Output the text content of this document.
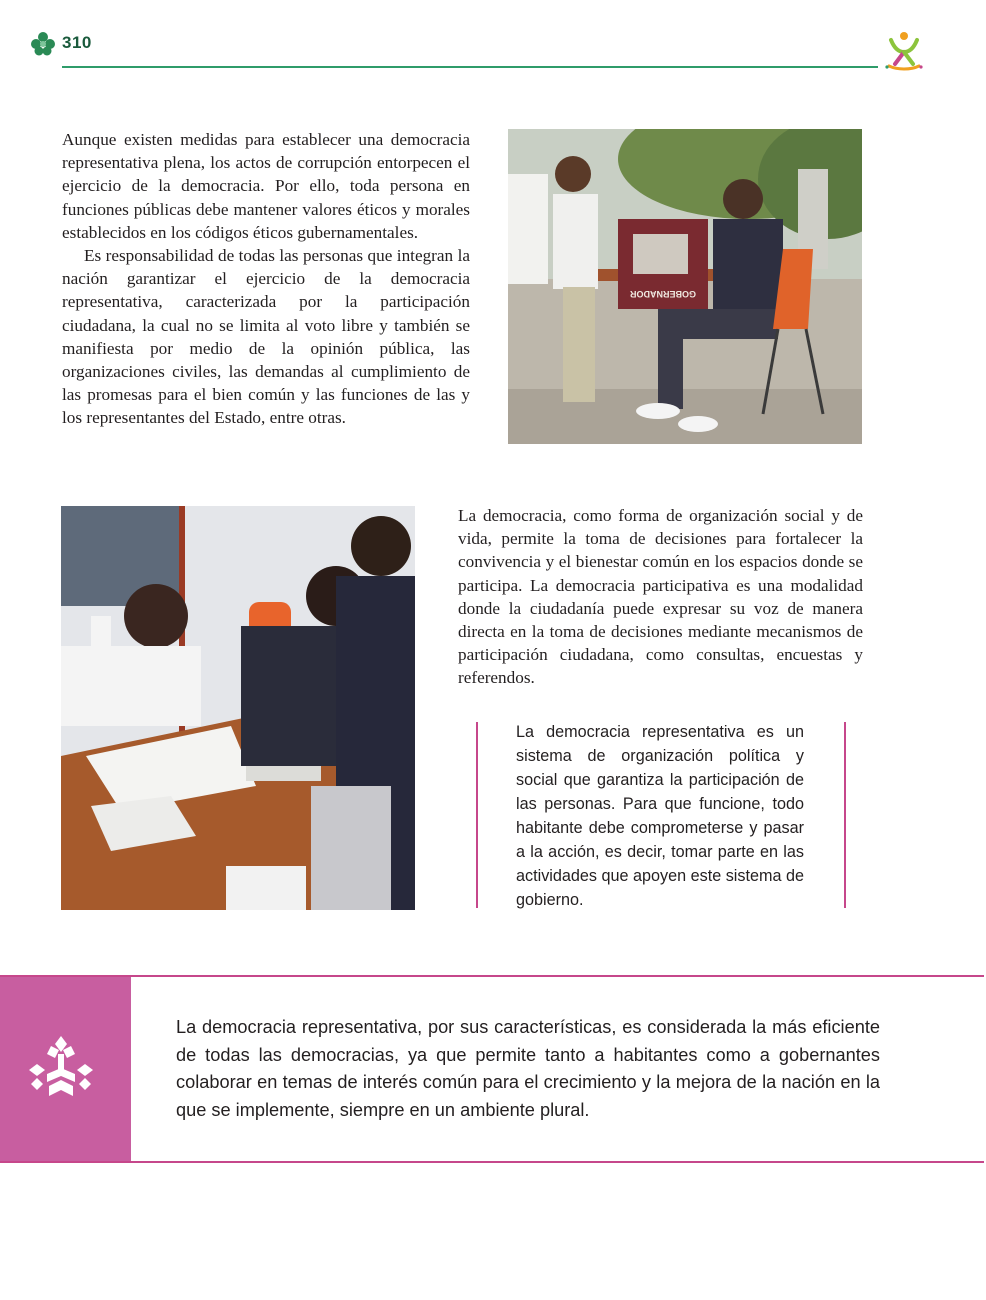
310

Aunque existen medidas para establecer una democracia representativa plena, los actos de corrupción entorpecen el ejercicio de la democracia. Por ello, toda persona en funciones públicas debe mantener valores éticos y morales establecidos en los códigos éticos gubernamentales.

Es responsabilidad de todas las personas que integran la nación garantizar el ejercicio de la democracia representativa, caracterizada por la participación ciudadana, la cual no se limita al voto libre y también se manifiesta por medio de la opinión pública, las organizaciones civiles, las demandas al cumplimiento de las promesas para el bien común y las funciones de las y los representantes del Estado, entre otras.

GOBERNADOR

La democracia, como forma de organización social y de vida, permite la toma de decisiones para fortalecer la convivencia y el bienestar común en los espacios donde se participa. La democracia participativa es una modalidad donde la ciudadanía puede expresar su voz de manera directa en la toma de decisiones mediante mecanismos de participación ciudadana, como consultas, encuestas y referendos.

La democracia representativa es un sistema de organización política y social que garantiza la participación de las personas. Para que funcione, todo habitante debe comprometerse y pasar a la acción, es decir, tomar parte en las actividades que apoyen este sistema de gobierno.
La democracia representativa, por sus características, es considerada la más eficiente de todas las democracias, ya que permite tanto a habitantes como a gobernantes colaborar en temas de interés común para el crecimiento y la mejora de la nación en la que se implemente, siempre en un ambiente plural.
